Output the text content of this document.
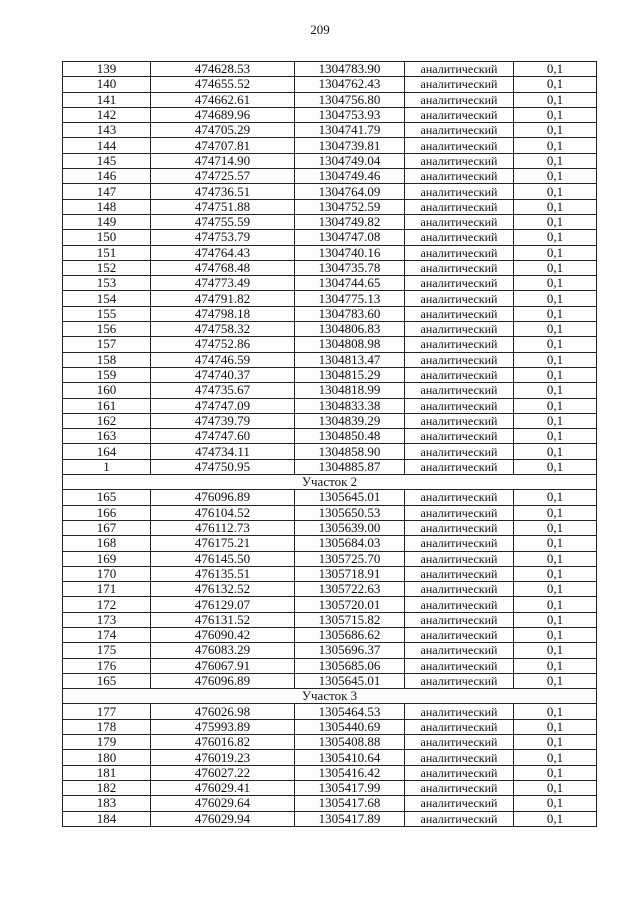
209
139	474628.53	1304783.90	аналитический	0,1
140	474655.52	1304762.43	аналитический	0,1
141	474662.61	1304756.80	аналитический	0,1
142	474689.96	1304753.93	аналитический	0,1
143	474705.29	1304741.79	аналитический	0,1
144	474707.81	1304739.81	аналитический	0,1
145	474714.90	1304749.04	аналитический	0,1
146	474725.57	1304749.46	аналитический	0,1
147	474736.51	1304764.09	аналитический	0,1
148	474751.88	1304752.59	аналитический	0,1
149	474755.59	1304749.82	аналитический	0,1
150	474753.79	1304747.08	аналитический	0,1
151	474764.43	1304740.16	аналитический	0,1
152	474768.48	1304735.78	аналитический	0,1
153	474773.49	1304744.65	аналитический	0,1
154	474791.82	1304775.13	аналитический	0,1
155	474798.18	1304783.60	аналитический	0,1
156	474758.32	1304806.83	аналитический	0,1
157	474752.86	1304808.98	аналитический	0,1
158	474746.59	1304813.47	аналитический	0,1
159	474740.37	1304815.29	аналитический	0,1
160	474735.67	1304818.99	аналитический	0,1
161	474747.09	1304833.38	аналитический	0,1
162	474739.79	1304839.29	аналитический	0,1
163	474747.60	1304850.48	аналитический	0,1
164	474734.11	1304858.90	аналитический	0,1
1	474750.95	1304885.87	аналитический	0,1
Участок 2				
165	476096.89	1305645.01	аналитический	0,1
166	476104.52	1305650.53	аналитический	0,1
167	476112.73	1305639.00	аналитический	0,1
168	476175.21	1305684.03	аналитический	0,1
169	476145.50	1305725.70	аналитический	0,1
170	476135.51	1305718.91	аналитический	0,1
171	476132.52	1305722.63	аналитический	0,1
172	476129.07	1305720.01	аналитический	0,1
173	476131.52	1305715.82	аналитический	0,1
174	476090.42	1305686.62	аналитический	0,1
175	476083.29	1305696.37	аналитический	0,1
176	476067.91	1305685.06	аналитический	0,1
165	476096.89	1305645.01	аналитический	0,1
Участок 3				
177	476026.98	1305464.53	аналитический	0,1
178	475993.89	1305440.69	аналитический	0,1
179	476016.82	1305408.88	аналитический	0,1
180	476019.23	1305410.64	аналитический	0,1
181	476027.22	1305416.42	аналитический	0,1
182	476029.41	1305417.99	аналитический	0,1
183	476029.64	1305417.68	аналитический	0,1
184	476029.94	1305417.89	аналитический	0,1
